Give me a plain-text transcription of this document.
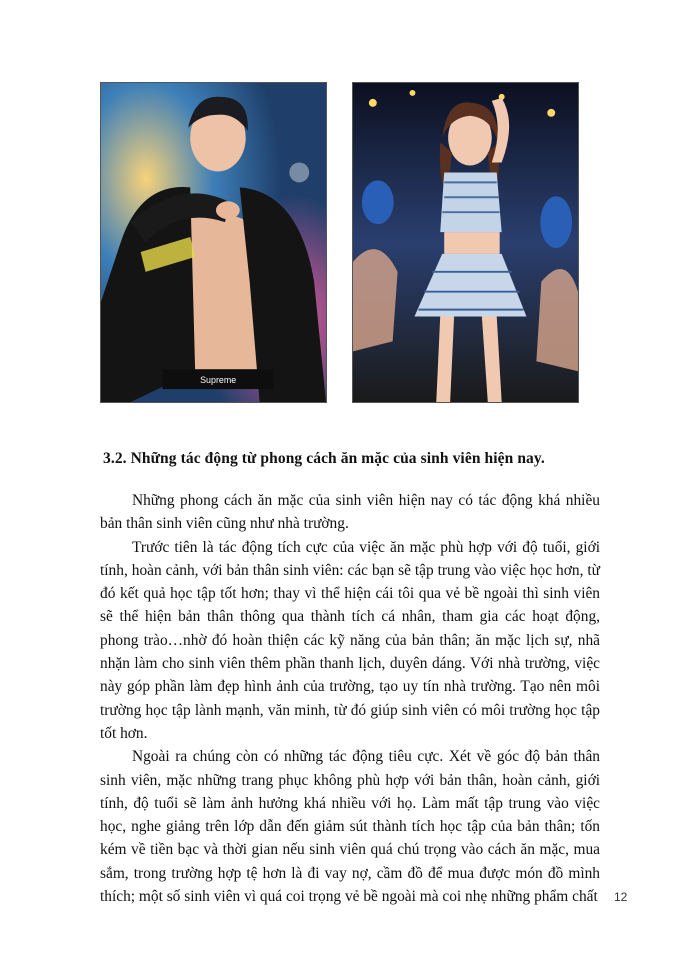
Supreme
3.2. Những tác động từ phong cách ăn mặc của sinh viên hiện nay.

Những phong cách ăn mặc của sinh viên hiện nay có tác động khá nhiều bản thân sinh viên cũng như nhà trường.

Trước tiên là tác động tích cực của việc ăn mặc phù hợp với độ tuổi, giới tính, hoàn cảnh, với bản thân sinh viên: các bạn sẽ tập trung vào việc học hơn, từ đó kết quả học tập tốt hơn; thay vì thể hiện cái tôi qua vẻ bề ngoài thì sinh viên sẽ thể hiện bản thân thông qua thành tích cá nhân, tham gia các hoạt động, phong trào…nhờ đó hoàn thiện các kỹ năng của bản thân; ăn mặc lịch sự, nhã nhặn làm cho sinh viên thêm phần thanh lịch, duyên dáng. Với nhà trường, việc này góp phần làm đẹp hình ảnh của trường, tạo uy tín nhà trường. Tạo nên môi trường học tập lành mạnh, văn minh, từ đó giúp sinh viên có môi trường học tập tốt hơn.

Ngoài ra chúng còn có những tác động tiêu cực. Xét về góc độ bản thân sinh viên, mặc những trang phục không phù hợp với bản thân, hoàn cảnh, giới tính, độ tuổi sẽ làm ảnh hưởng khá nhiều với họ. Làm mất tập trung vào việc học, nghe giảng trên lớp dẫn đến giảm sút thành tích học tập của bản thân; tốn kém về tiền bạc và thời gian nếu sinh viên quá chú trọng vào cách ăn mặc, mua sắm, trong trường hợp tệ hơn là đi vay nợ, cầm đồ để mua được món đồ mình thích; một số sinh viên vì quá coi trọng vẻ bề ngoài mà coi nhẹ những phẩm chất 12
